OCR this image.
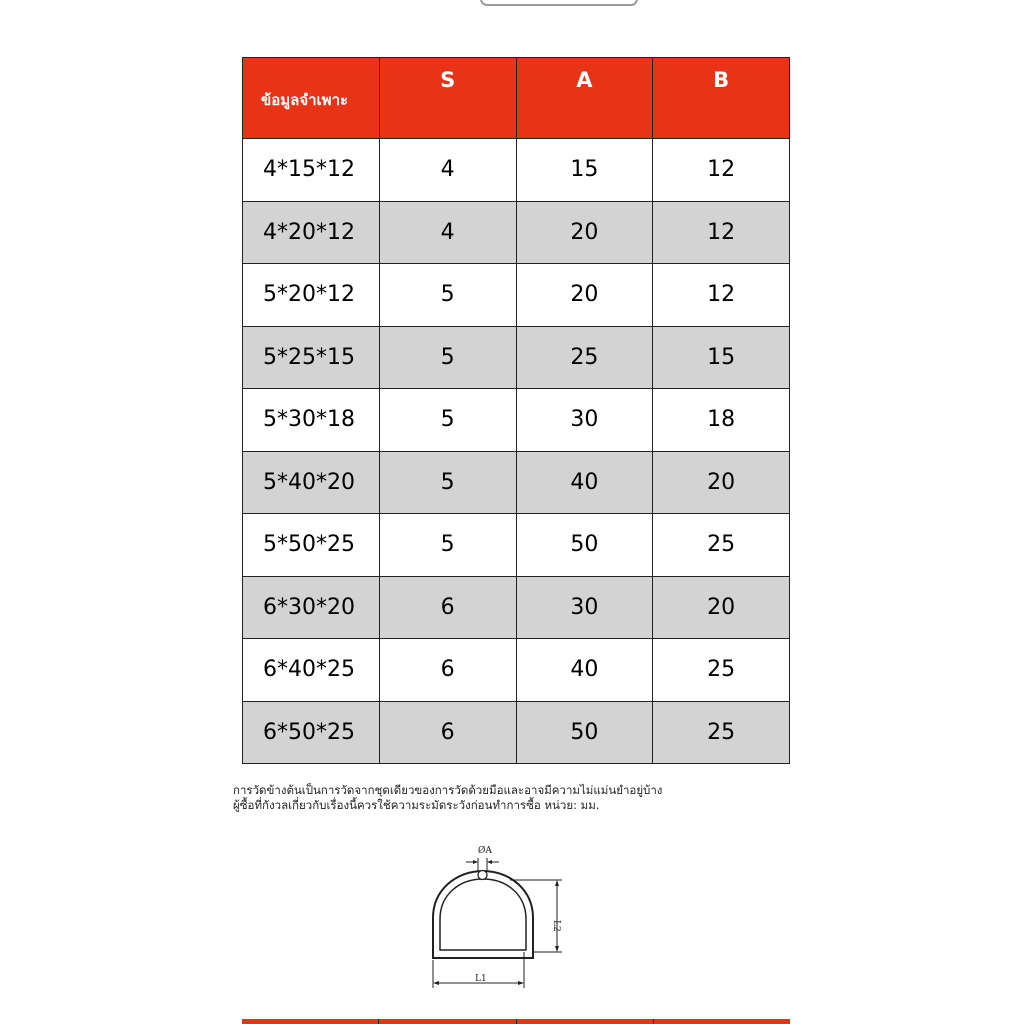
ข้อมูลจำเพาะ	S	A	B
4*15*12	4	15	12
4*20*12	4	20	12
5*20*12	5	20	12
5*25*15	5	25	15
5*30*18	5	30	18
5*40*20	5	40	20
5*50*25	5	50	25
6*30*20	6	30	20
6*40*25	6	40	25
6*50*25	6	50	25
การวัดข้างต้นเป็นการวัดจากชุดเดียวของการวัดด้วยมือและอาจมีความไม่แม่นยำอยู่บ้าง
ผู้ซื้อที่กังวลเกี่ยวกับเรื่องนี้ควรใช้ความระมัดระวังก่อนทำการซื้อ หน่วย: มม.
ØA
L2
L1
